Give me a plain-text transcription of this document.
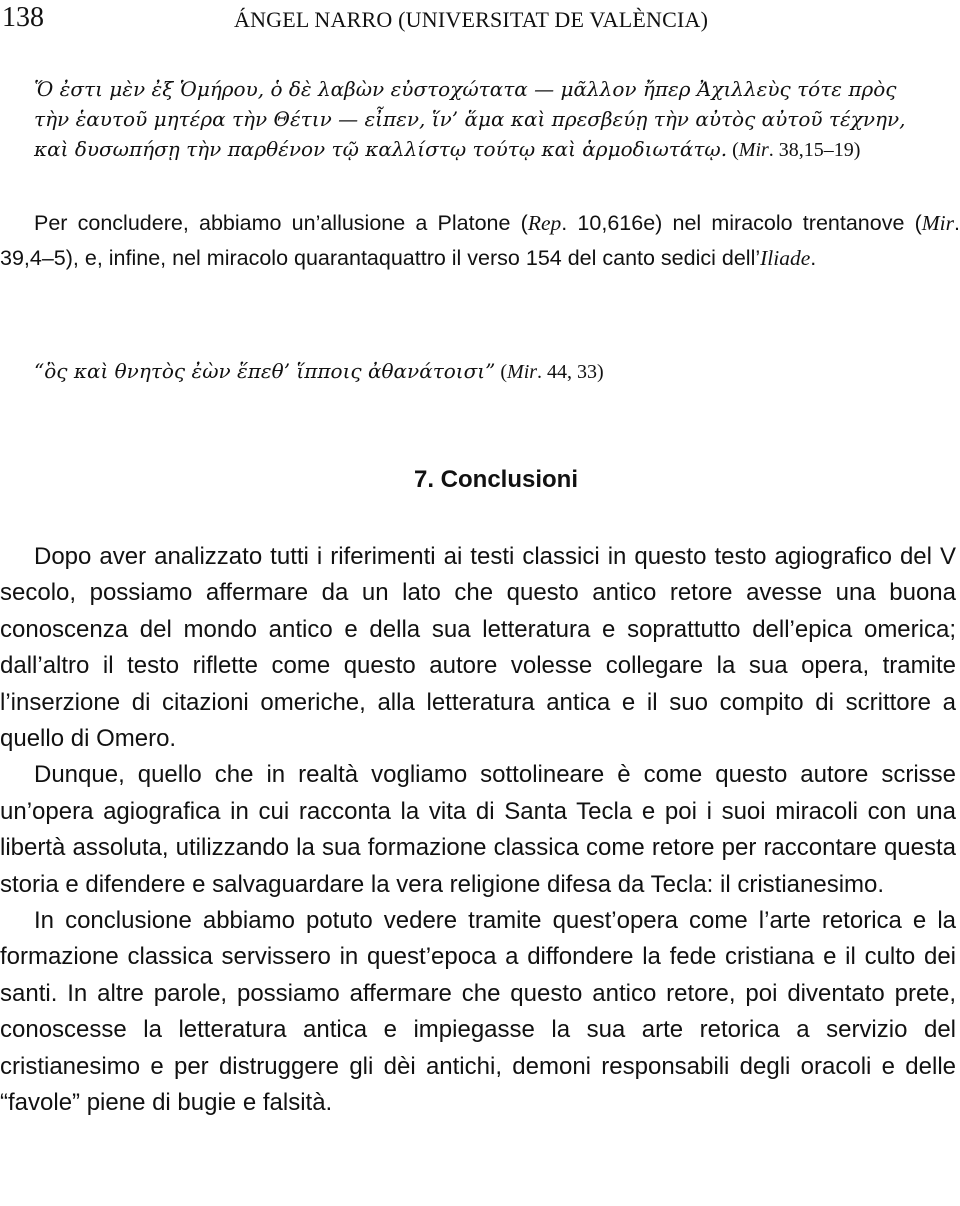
138	ÁNGEL NARRO (UNIVERSITAT DE VALÈNCIA)

Ὅ ἐστι μὲν ἐξ Ὁμήρου, ὁ δὲ λαβὼν εὐστοχώτατα — μᾶλλον ἤπερ Ἀχιλλεὺς τότε πρὸς τὴν ἑαυτοῦ μητέρα τὴν Θέτιν — εἶπεν, ἵν’ ἅμα καὶ πρεσβεύῃ τὴν αὐτὸς αὐτοῦ τέχνην, καὶ δυσωπήσῃ τὴν παρθένον τῷ καλλίστῳ τούτῳ καὶ ἁρμοδιωτάτῳ. (Mir. 38,15–19)

Per concludere, abbiamo un’allusione a Platone (Rep. 10,616e) nel miracolo trentanove (Mir. 39,4–5), e, infine, nel miracolo quarantaquattro il verso 154 del canto sedici dell’Iliade.

“ὃς καὶ θνητὸς ἐὼν ἕπεθ’ ἵπποις ἀθανάτοισι” (Mir. 44, 33)

7. Conclusioni

Dopo aver analizzato tutti i riferimenti ai testi classici in questo testo agiografico del V secolo, possiamo affermare da un lato che questo antico retore avesse una buona conoscenza del mondo antico e della sua letteratura e soprattutto dell’epica omerica; dall’altro il testo riflette come questo autore volesse collegare la sua opera, tramite l’inserzione di citazioni omeriche, alla letteratura antica e il suo compito di scrittore a quello di Omero.

Dunque, quello che in realtà vogliamo sottolineare è come questo autore scrisse un’opera agiografica in cui racconta la vita di Santa Tecla e poi i suoi miracoli con una libertà assoluta, utilizzando la sua formazione classica come retore per raccontare questa storia e difendere e salvaguardare la vera religione difesa da Tecla: il cristianesimo.

In conclusione abbiamo potuto vedere tramite quest’opera come l’arte retorica e la formazione classica servissero in quest’epoca a diffondere la fede cristiana e il culto dei santi. In altre parole, possiamo affermare che questo antico retore, poi diventato prete, conoscesse la letteratura antica e impiegasse la sua arte retorica a servizio del cristianesimo e per distruggere gli dèi antichi, demoni responsabili degli oracoli e delle “favole” piene di bugie e falsità.
